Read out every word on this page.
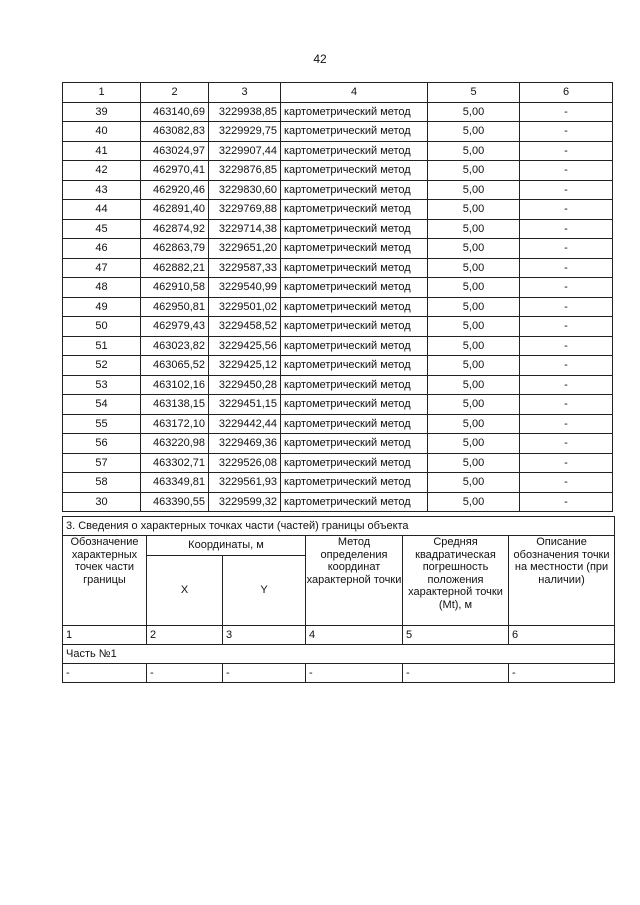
42
1	2	3	4	5	6
39	463140,69	3229938,85	картометрический метод	5,00	-
40	463082,83	3229929,75	картометрический метод	5,00	-
41	463024,97	3229907,44	картометрический метод	5,00	-
42	462970,41	3229876,85	картометрический метод	5,00	-
43	462920,46	3229830,60	картометрический метод	5,00	-
44	462891,40	3229769,88	картометрический метод	5,00	-
45	462874,92	3229714,38	картометрический метод	5,00	-
46	462863,79	3229651,20	картометрический метод	5,00	-
47	462882,21	3229587,33	картометрический метод	5,00	-
48	462910,58	3229540,99	картометрический метод	5,00	-
49	462950,81	3229501,02	картометрический метод	5,00	-
50	462979,43	3229458,52	картометрический метод	5,00	-
51	463023,82	3229425,56	картометрический метод	5,00	-
52	463065,52	3229425,12	картометрический метод	5,00	-
53	463102,16	3229450,28	картометрический метод	5,00	-
54	463138,15	3229451,15	картометрический метод	5,00	-
55	463172,10	3229442,44	картометрический метод	5,00	-
56	463220,98	3229469,36	картометрический метод	5,00	-
57	463302,71	3229526,08	картометрический метод	5,00	-
58	463349,81	3229561,93	картометрический метод	5,00	-
30	463390,55	3229599,32	картометрический метод	5,00	-
3. Сведения о характерных точках части (частей) границы объекта					
Обозначение характерных точек части границы	Координаты, м		Метод определения координат характерной точки	Средняя квадратическая погрешность положения характерной точки (Mt), м	Описание обозначения точки на местности (при наличии)
	X	Y			
1	2	3	4	5	6
Часть №1					
-	-	-	-	-	-
